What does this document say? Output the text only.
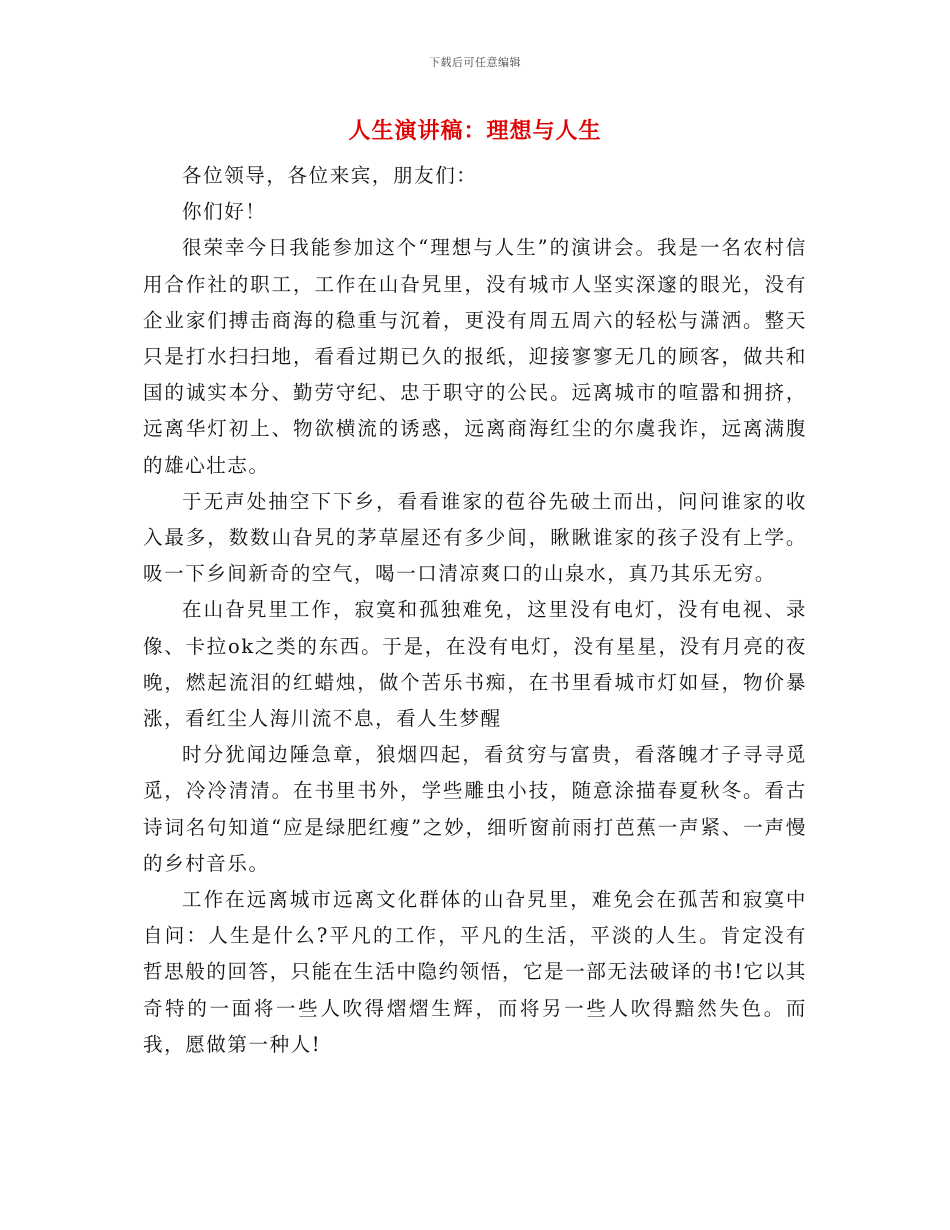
下载后可任意编辑
人生演讲稿：理想与人生

各位领导，各位来宾，朋友们：

你们好！

很荣幸今日我能参加这个“理想与人生”的演讲会。我是一名农村信用合作社的职工，工作在山旮旯里，没有城市人坚实深邃的眼光，没有企业家们搏击商海的稳重与沉着，更没有周五周六的轻松与潇洒。整天只是打水扫扫地，看看过期已久的报纸，迎接寥寥无几的顾客，做共和国的诚实本分、勤劳守纪、忠于职守的公民。远离城市的喧嚣和拥挤，远离华灯初上、物欲横流的诱惑，远离商海红尘的尔虞我诈，远离满腹的雄心壮志。

于无声处抽空下下乡，看看谁家的苞谷先破土而出，问问谁家的收入最多，数数山旮旯的茅草屋还有多少间，瞅瞅谁家的孩子没有上学。吸一下乡间新奇的空气，喝一口清凉爽口的山泉水，真乃其乐无穷。

在山旮旯里工作，寂寞和孤独难免，这里没有电灯，没有电视、录像、卡拉ok之类的东西。于是，在没有电灯，没有星星，没有月亮的夜晚，燃起流泪的红蜡烛，做个苦乐书痴，在书里看城市灯如昼，物价暴涨，看红尘人海川流不息，看人生梦醒

时分犹闻边陲急章，狼烟四起，看贫穷与富贵，看落魄才子寻寻觅觅，冷冷清清。在书里书外，学些雕虫小技，随意涂描春夏秋冬。看古诗词名句知道“应是绿肥红瘦”之妙，细听窗前雨打芭蕉一声紧、一声慢的乡村音乐。

工作在远离城市远离文化群体的山旮旯里，难免会在孤苦和寂寞中自问：人生是什么?平凡的工作，平凡的生活，平淡的人生。肯定没有哲思般的回答，只能在生活中隐约领悟，它是一部无法破译的书!它以其奇特的一面将一些人吹得熠熠生辉，而将另一些人吹得黯然失色。而我，愿做第一种人!
